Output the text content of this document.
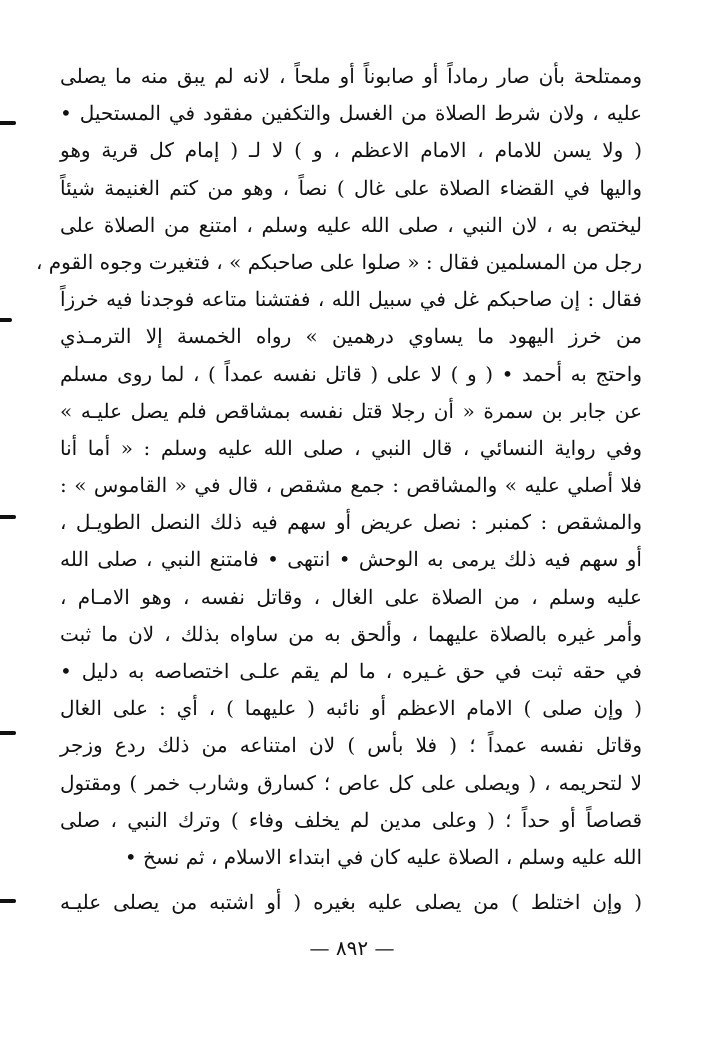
وممتلحة بأن صار رماداً أو صابوناً أو ملحاً ، لانه لم يبق منه ما يصلى
عليه ، ولان شرط الصلاة من الغسل والتكفين مفقود في المستحيل •
( ولا يسن للامام ، الامام الاعظم ، و ) لا لـ ( إمام كل قرية وهو
واليها في القضاء الصلاة على غال ) نصاً ، وهو من كتم الغنيمة شيئاً
ليختص به ، لان النبي ، صلى الله عليه وسلم ، امتنع من الصلاة على
رجل من المسلمين فقال : « صلوا على صاحبكم » ، فتغيرت وجوه القوم ،
فقال : إن صاحبكم غل في سبيل الله ، ففتشنا متاعه فوجدنا فيه خرزاً
من خرز اليهود ما يساوي درهمين » رواه الخمسة إلا الترمـذي
واحتج به أحمد • ( و ) لا على ( قاتل نفسه عمداً ) ، لما روى مسلم
عن جابر بن سمرة « أن رجلا قتل نفسه بمشاقص فلم يصل عليـه »
وفي رواية النسائي ، قال النبي ، صلى الله عليه وسلم : « أما أنا
فلا أصلي عليه » والمشاقص : جمع مشقص ، قال في « القاموس » :
والمشقص : كمنبر : نصل عريض أو سهم فيه ذلك النصل الطويـل ،
أو سهم فيه ذلك يرمى به الوحش • انتهى • فامتنع النبي ، صلى الله
عليه وسلم ، من الصلاة على الغال ، وقاتل نفسه ، وهو الامـام ،
وأمر غيره بالصلاة عليهما ، وألحق به من ساواه بذلك ، لان ما ثبت
في حقه ثبت في حق غـيره ، ما لم يقم علـى اختصاصه به دليل •
( وإن صلى ) الامام الاعظم أو نائبه ( عليهما ) ، أي : على الغال
وقاتل نفسه عمداً ؛ ( فلا بأس ) لان امتناعه من ذلك ردع وزجر
لا لتحريمه ، ( ويصلى على كل عاص ؛ كسارق وشارب خمر ) ومقتول
قصاصاً أو حداً ؛ ( وعلى مدين لم يخلف وفاء ) وترك النبي ، صلى
الله عليه وسلم ، الصلاة عليه كان في ابتداء الاسلام ، ثم نسخ •
( وإن اختلط ) من يصلى عليه بغيره ( أو اشتبه من يصلى عليـه
— ٨٩٢ —
